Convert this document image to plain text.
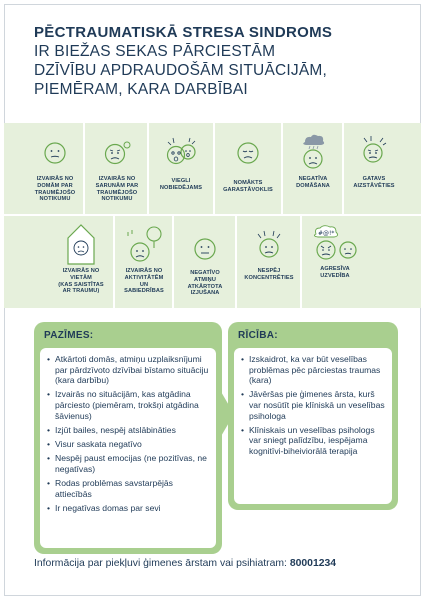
PĒCTRAUMATISKĀ STRESA SINDROMS
IR BIEŽAS SEKAS PĀRCIESTĀM
DZĪVĪBU APDRAUDOŠĀM SITUĀCIJĀM,
PIEMĒRAM, KARA DARBĪBAI
IZVAIRĀS NO
DOMĀM PAR
TRAUMĒJOŠO
NOTIKUMU
IZVAIRĀS NO
SARUNĀM PAR
TRAUMĒJOŠO
NOTIKUMU
VIEGLI
NOBIEDĒJAMS
NOMĀKTS
GARASTĀVOKLIS
NEGATĪVA
DOMĀŠANA
GATAVS
AIZSTĀVĒTIES
IZVAIRĀS NO
VIETĀM
(KAS SAISTĪTAS
AR TRAUMU)
IZVAIRĀS NO
AKTIVITĀTĒM
UN
SABIEDRĪBAS
NEGATĪVO
ATMIŅU
ATKĀRTOTA
IZJUŠANA
NESPĒJ
KONCENTRĒTIES
#@!*
AGRESĪVA
UZVEDĪBA
PAZĪMES:
• Atkārtoti domās, atmiņu uzplaiksnījumi par pārdzīvoto dzīvībai bīstamo situāciju (kara darbību)
• Izvairās no situācijām, kas atgādina pārciesto (piemēram, trokšņi atgādina šāvienus)
• Izjūt bailes, nespēj atslābināties
• Visur saskata negatīvo
• Nespēj paust emocijas (ne pozitīvas, ne negatīvas)
• Rodas problēmas savstarpējās attiecībās
• Ir negatīvas domas par sevi
RĪCĪBA:
• Izskaidrot, ka var būt veselības problēmas pēc pārciestas traumas (kara)
• Jāvēršas pie ģimenes ārsta, kurš var nosūtīt pie klīniskā un veselības psihologa
• Klīniskais un veselības psihologs var sniegt palīdzību, iespējama kognitīvi-biheiviorālā terapija
Informācija par piekļuvi ģimenes ārstam vai psihiatram: 80001234
